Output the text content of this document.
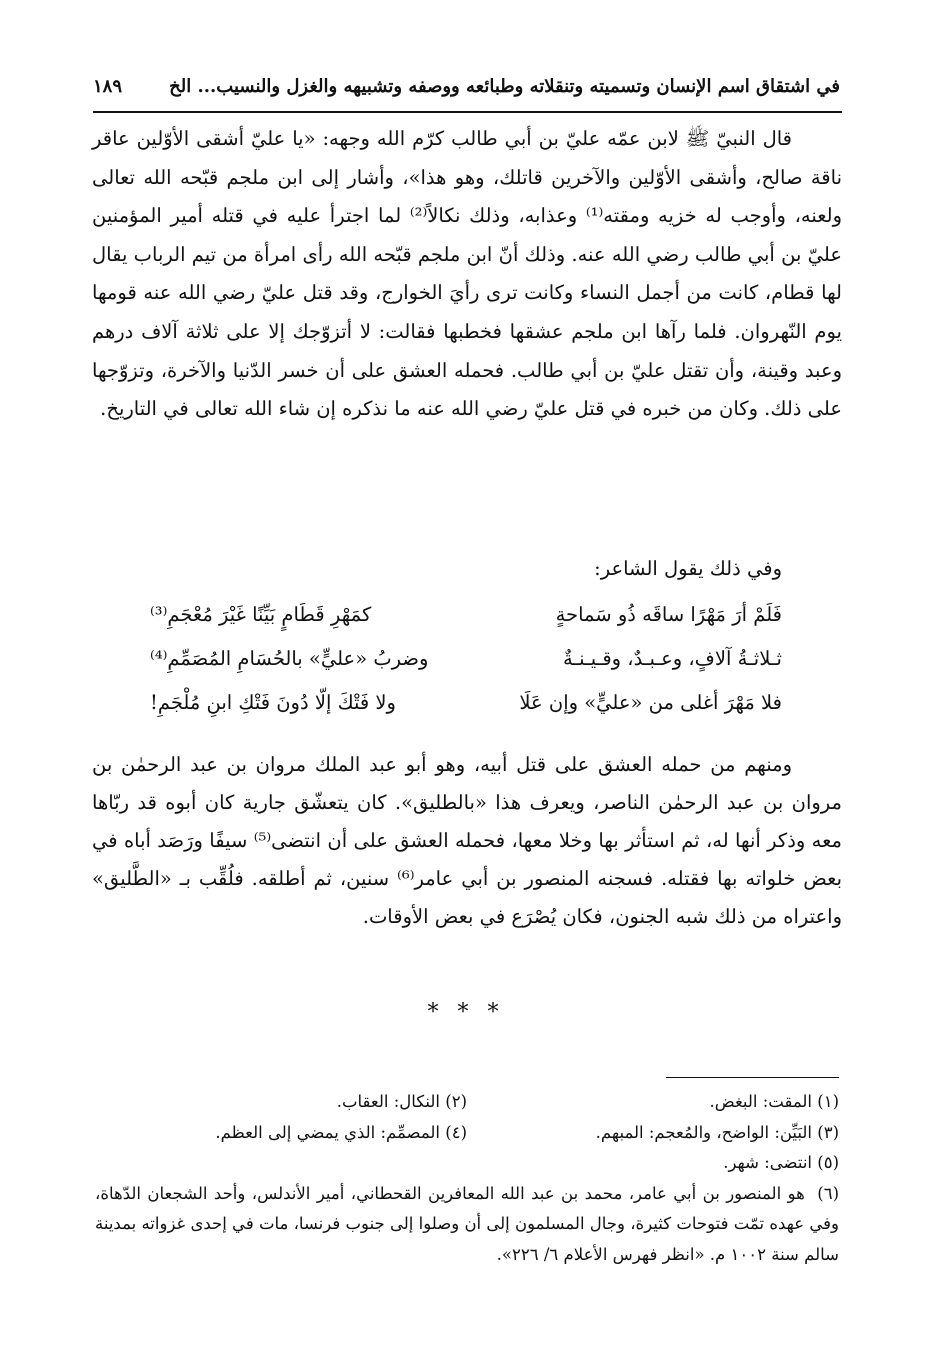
في اشتقاق اسم الإنسان وتسميته وتنقلاته وطبائعه ووصفه وتشبيهه والغزل والنسيب... الخ
١٨٩

قال النبيّ ﷺ لابن عمّه عليّ بن أبي طالب كرّم الله وجهه: «يا عليّ أشقى الأوّلين عاقر ناقة صالح، وأشقى الأوّلين والآخرين قاتلك، وهو هذا»، وأشار إلى ابن ملجم قبّحه الله تعالى ولعنه، وأوجب له خزيه ومقته⁽¹⁾ وعذابه، وذلك نكالاً⁽²⁾ لما اجترأ عليه في قتله أمير المؤمنين عليّ بن أبي طالب رضي الله عنه. وذلك أنّ ابن ملجم قبّحه الله رأى امرأة من تيم الرباب يقال لها قطام، كانت من أجمل النساء وكانت ترى رأيَ الخوارج، وقد قتل عليّ رضي الله عنه قومها يوم النّهروان. فلما رآها ابن ملجم عشقها فخطبها فقالت: لا أتزوّجك إلا على ثلاثة آلاف درهم وعبد وقينة، وأن تقتل عليّ بن أبي طالب. فحمله العشق على أن خسر الدّنيا والآخرة، وتزوّجها على ذلك. وكان من خبره في قتل عليّ رضي الله عنه ما نذكره إن شاء الله تعالى في التاريخ.

وفي ذلك يقول الشاعر:
فَلَمْ أرَ مَهْرًا ساقَه ذُو سَماحةٍ
كمَهْرِ قَطَامٍ بَيِّنًا غَيْرَ مُعْجَمِ⁽³⁾
ثـلاثـةُ آلافٍ، وعـبـدٌ، وقـيـنـةٌ
وضربُ «عليٍّ» بالحُسَامِ المُصَمِّمِ⁽⁴⁾
فلا مَهْرَ أغلى من «عليٍّ» وإن عَلَا
ولا فَتْكَ إلّا دُونَ فَتْكِ ابنِ مُلْجَمِ!

ومنهم من حمله العشق على قتل أبيه، وهو أبو عبد الملك مروان بن عبد الرحمٰن بن مروان بن عبد الرحمٰن الناصر، ويعرف هذا «بالطليق». كان يتعشّق جارية كان أبوه قد ربّاها معه وذكر أنها له، ثم استأثر بها وخلا معها، فحمله العشق على أن انتضى⁽⁵⁾ سيفًا ورَصَد أباه في بعض خلواته بها فقتله. فسجنه المنصور بن أبي عامر⁽⁶⁾ سنين، ثم أطلقه. فلُقِّب بـ «الطَّليق» واعتراه من ذلك شبه الجنون، فكان يُصْرَع في بعض الأوقات.

* * *
(١) المقت: البغض.
(٢) النكال: العقاب.
(٣) البَيِّن: الواضح، والمُعجم: المبهم.
(٤) المصمِّم: الذي يمضي إلى العظم.
(٥) انتضى: شهر.
(٦) هو المنصور بن أبي عامر، محمد بن عبد الله المعافرين القحطاني، أمير الأندلس، وأحد الشجعان الدّهاة، وفي عهده تمّت فتوحات كثيرة، وجال المسلمون إلى أن وصلوا إلى جنوب فرنسا، مات في إحدى غزواته بمدينة سالم سنة ١٠٠٢ م. «انظر فهرس الأعلام ٦/ ٢٢٦».
